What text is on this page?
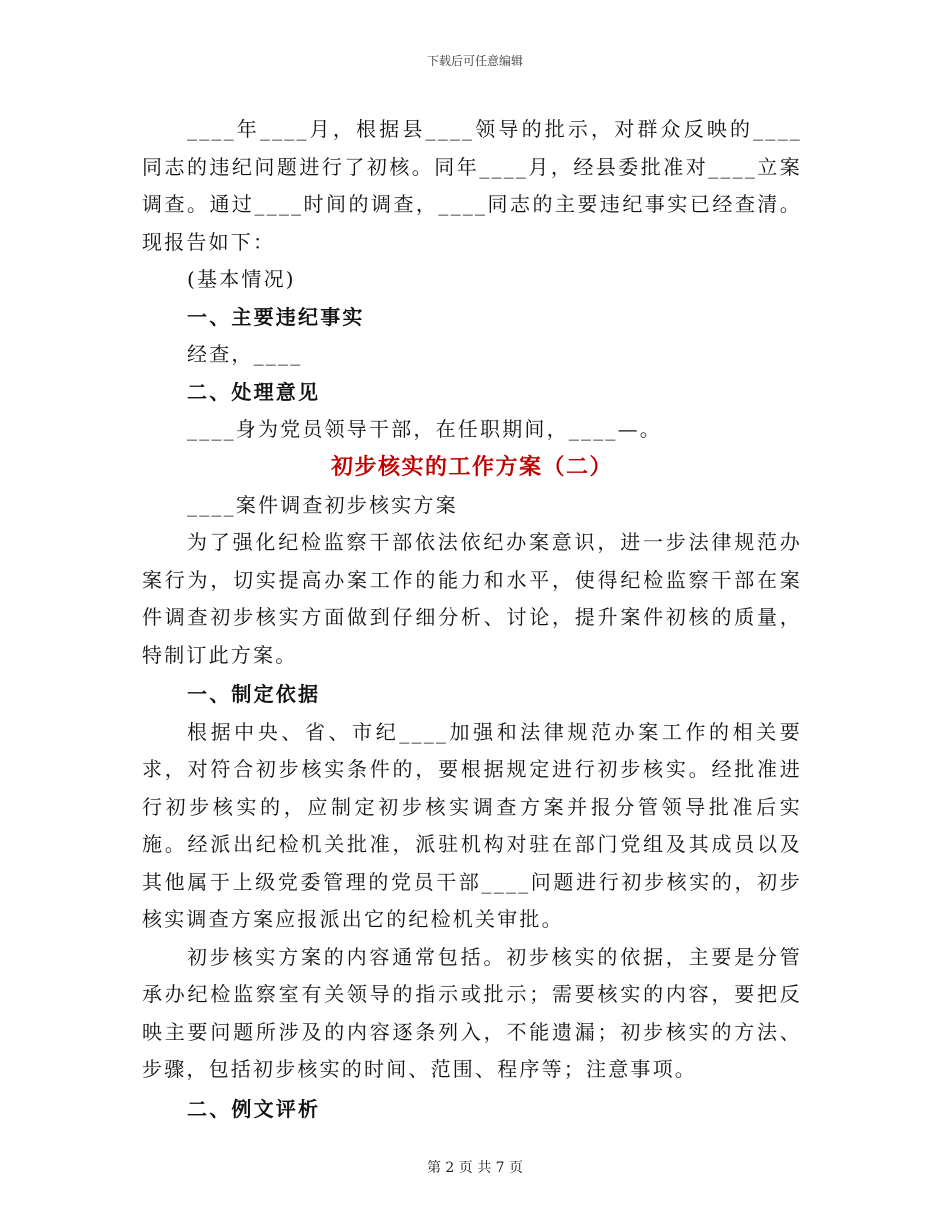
下载后可任意编辑

____年____月，根据县____领导的批示，对群众反映的____同志的违纪问题进行了初核。同年____月，经县委批准对____立案调查。通过____时间的调查，____同志的主要违纪事实已经查清。现报告如下：

(基本情况)

一、主要违纪事实

经查，____

二、处理意见

____身为党员领导干部，在任职期间，____—。

初步核实的工作方案（二）

____案件调查初步核实方案

为了强化纪检监察干部依法依纪办案意识，进一步法律规范办案行为，切实提高办案工作的能力和水平，使得纪检监察干部在案件调查初步核实方面做到仔细分析、讨论，提升案件初核的质量，特制订此方案。

一、制定依据

根据中央、省、市纪____加强和法律规范办案工作的相关要求，对符合初步核实条件的，要根据规定进行初步核实。经批准进行初步核实的，应制定初步核实调查方案并报分管领导批准后实施。经派出纪检机关批准，派驻机构对驻在部门党组及其成员以及其他属于上级党委管理的党员干部____问题进行初步核实的，初步核实调查方案应报派出它的纪检机关审批。

初步核实方案的内容通常包括。初步核实的依据，主要是分管承办纪检监察室有关领导的指示或批示；需要核实的内容，要把反映主要问题所涉及的内容逐条列入，不能遗漏；初步核实的方法、步骤，包括初步核实的时间、范围、程序等；注意事项。

二、例文评析

第 2 页 共 7 页
